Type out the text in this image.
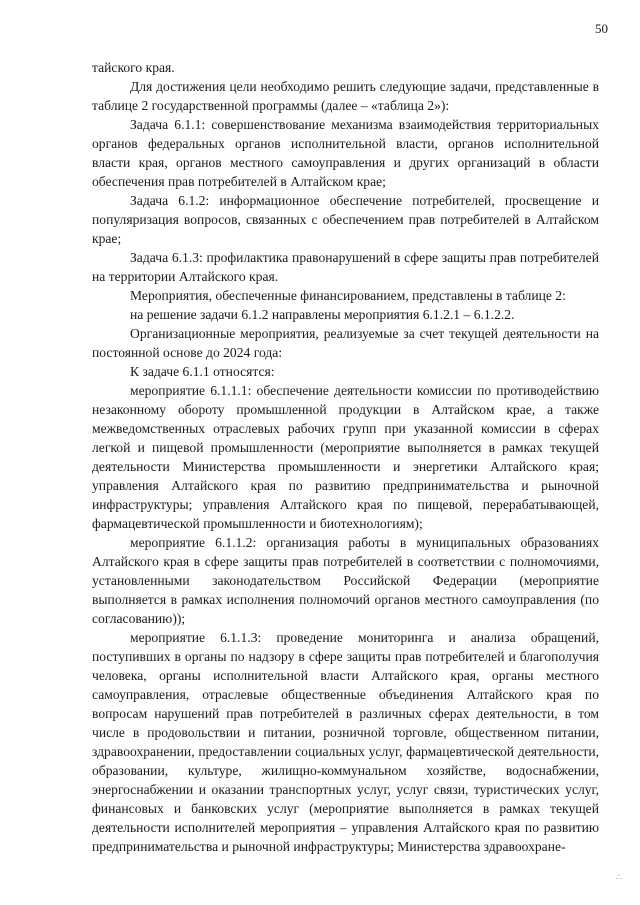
50

тайского края.

Для достижения цели необходимо решить следующие задачи, представленные в таблице 2 государственной программы (далее – «таблица 2»):

Задача 6.1.1: совершенствование механизма взаимодействия территориальных органов федеральных органов исполнительной власти, органов исполнительной власти края, органов местного самоуправления и других организаций в области обеспечения прав потребителей в Алтайском крае;

Задача 6.1.2: информационное обеспечение потребителей, просвещение и популяризация вопросов, связанных с обеспечением прав потребителей в Алтайском крае;

Задача 6.1.3: профилактика правонарушений в сфере защиты прав потребителей на территории Алтайского края.

Мероприятия, обеспеченные финансированием, представлены в таблице 2:

на решение задачи 6.1.2 направлены мероприятия 6.1.2.1 – 6.1.2.2.

Организационные мероприятия, реализуемые за счет текущей деятельности на постоянной основе до 2024 года:

К задаче 6.1.1 относятся:

мероприятие 6.1.1.1: обеспечение деятельности комиссии по противодействию незаконному обороту промышленной продукции в Алтайском крае, а также межведомственных отраслевых рабочих групп при указанной комиссии в сферах легкой и пищевой промышленности (мероприятие выполняется в рамках текущей деятельности Министерства промышленности и энергетики Алтайского края; управления Алтайского края по развитию предпринимательства и рыночной инфраструктуры; управления Алтайского края по пищевой, перерабатывающей, фармацевтической промышленности и биотехнологиям);

мероприятие 6.1.1.2: организация работы в муниципальных образованиях Алтайского края в сфере защиты прав потребителей в соответствии с полномочиями, установленными законодательством Российской Федерации (мероприятие выполняется в рамках исполнения полномочий органов местного самоуправления (по согласованию));

мероприятие 6.1.1.3: проведение мониторинга и анализа обращений, поступивших в органы по надзору в сфере защиты прав потребителей и благополучия человека, органы исполнительной власти Алтайского края, органы местного самоуправления, отраслевые общественные объединения Алтайского края по вопросам нарушений прав потребителей в различных сферах деятельности, в том числе в продовольствии и питании, розничной торговле, общественном питании, здравоохранении, предоставлении социальных услуг, фармацевтической деятельности, образовании, культуре, жилищно-коммунальном хозяйстве, водоснабжении, энергоснабжении и оказании транспортных услуг, услуг связи, туристических услуг, финансовых и банковских услуг (мероприятие выполняется в рамках текущей деятельности исполнителей мероприятия – управления Алтайского края по развитию предпринимательства и рыночной инфраструктуры; Министерства здравоохране-

∴
